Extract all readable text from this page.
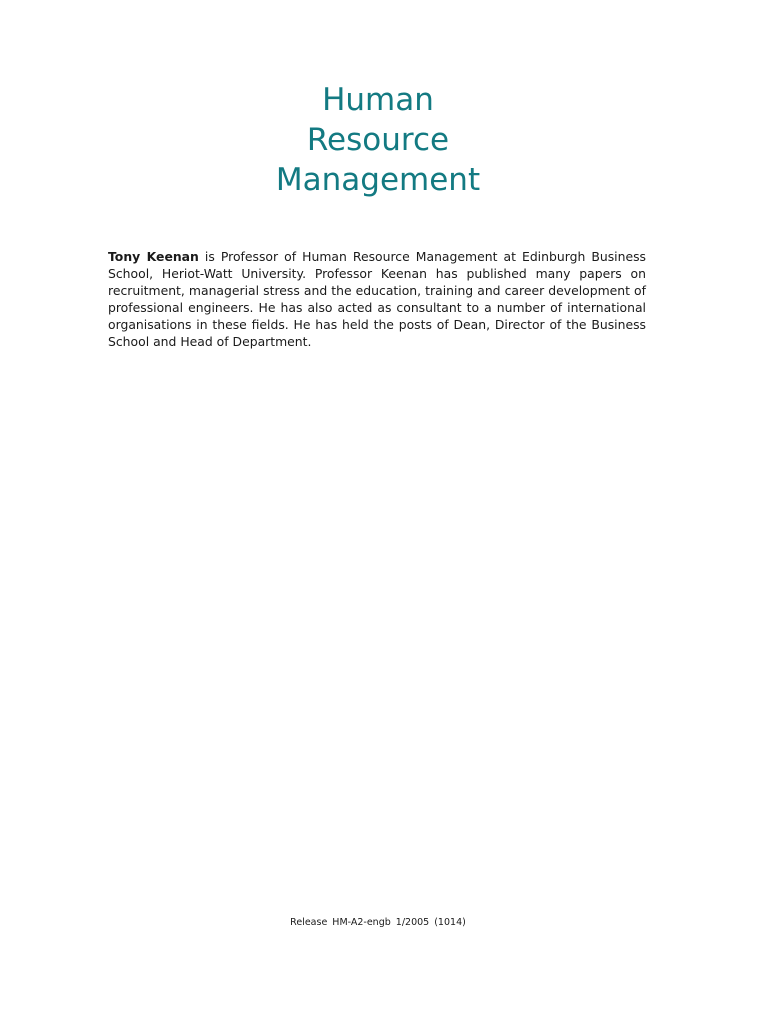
Human
Resource
Management

Tony Keenan is Professor of Human Resource Management at Edinburgh Business School, Heriot-Watt University. Professor Keenan has published many papers on recruitment, managerial stress and the education, training and career development of professional engineers. He has also acted as consultant to a number of international organisations in these fields. He has held the posts of Dean, Director of the Business School and Head of Department.

Release HM-A2-engb 1/2005 (1014)
